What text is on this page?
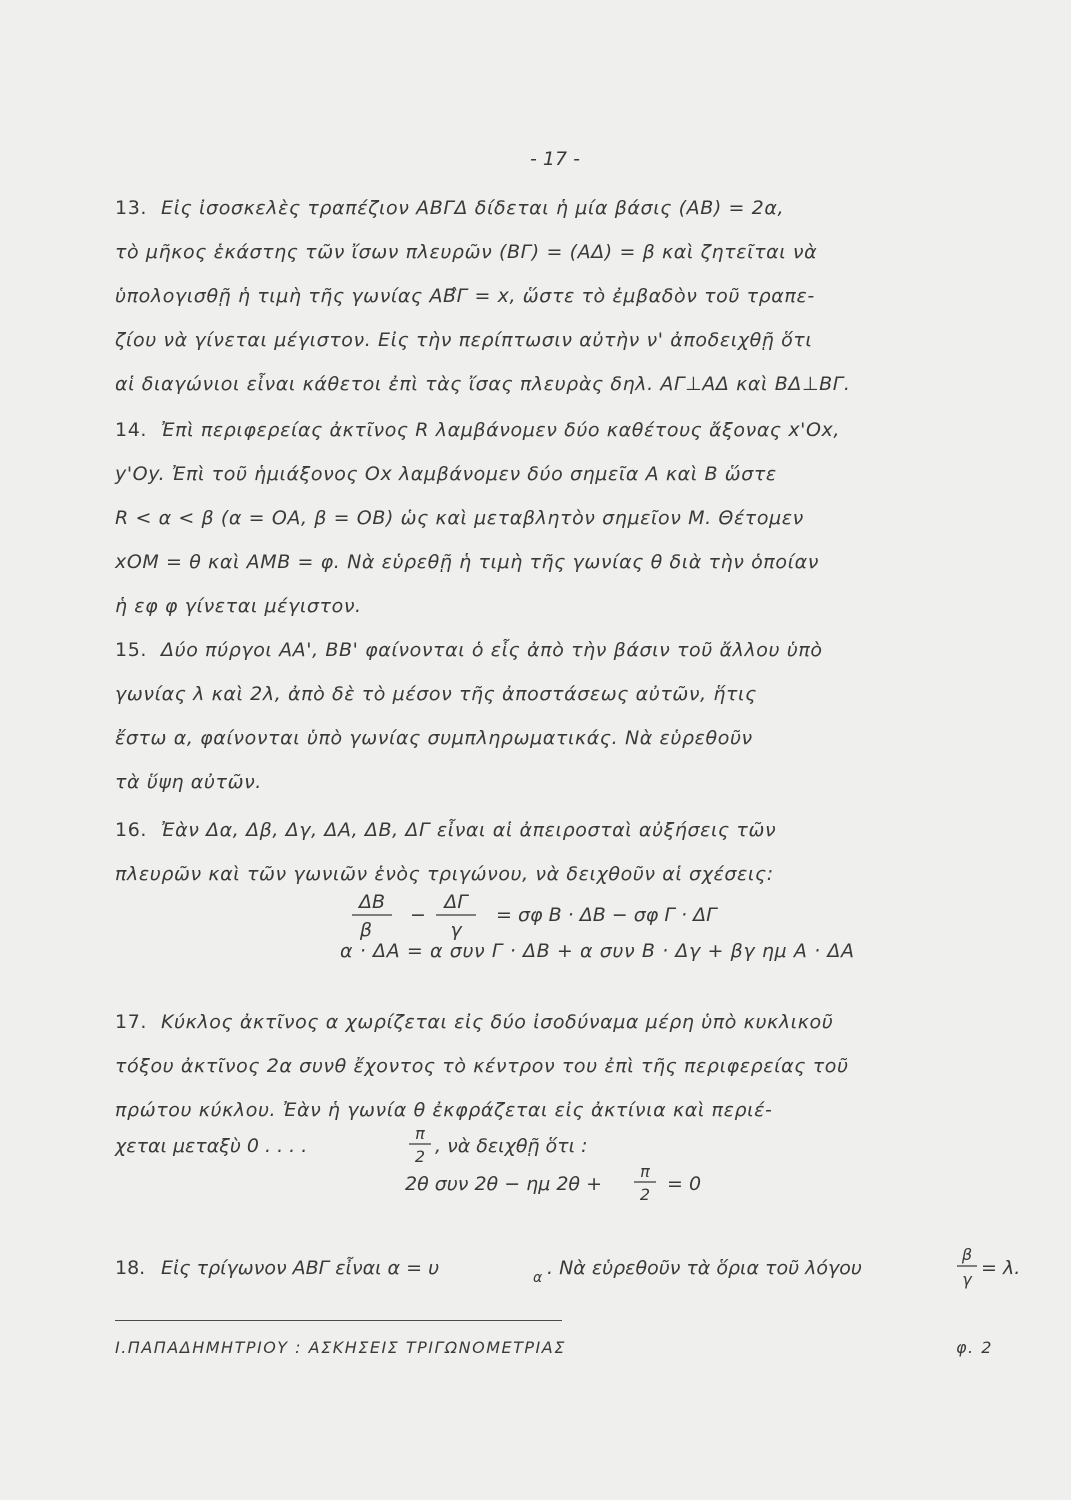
- 17 -
13. Εἰς ἰσοσκελὲς τραπέζιον ΑΒΓΔ δίδεται ἡ μία βάσις (ΑΒ) = 2α,
τὸ μῆκος ἑκάστης τῶν ἴσων πλευρῶν (ΒΓ) = (ΑΔ) = β καὶ ζητεῖται νὰ
ὑπολογισθῇ ἡ τιμὴ τῆς γωνίας ΑΒ̂Γ = x, ὥστε τὸ ἐμβαδὸν τοῦ τραπε-
ζίου νὰ γίνεται μέγιστον. Εἰς τὴν περίπτωσιν αὐτὴν ν' ἀποδειχθῇ ὅτι
αἱ διαγώνιοι εἶναι κάθετοι ἐπὶ τὰς ἴσας πλευρὰς δηλ. ΑΓ⊥ΑΔ καὶ ΒΔ⊥ΒΓ.
14. Ἐπὶ περιφερείας ἀκτῖνος R λαμβάνομεν δύο καθέτους ἄξονας x'Ox,
y'Oy. Ἐπὶ τοῦ ἡμιάξονος Ox λαμβάνομεν δύο σημεῖα Α καὶ Β ὥστε
R < α < β (α = ΟΑ, β = ΟΒ) ὡς καὶ μεταβλητὸν σημεῖον Μ. Θέτομεν
xOM = θ καὶ ΑΜΒ = φ. Νὰ εὑρεθῇ ἡ τιμὴ τῆς γωνίας θ διὰ τὴν ὁποίαν
ἡ εφ φ γίνεται μέγιστον.
15. Δύο πύργοι ΑΑ', ΒΒ' φαίνονται ὁ εἷς ἀπὸ τὴν βάσιν τοῦ ἄλλου ὑπὸ
γωνίας λ καὶ 2λ, ἀπὸ δὲ τὸ μέσον τῆς ἀποστάσεως αὐτῶν, ἥτις
ἔστω α, φαίνονται ὑπὸ γωνίας συμπληρωματικάς. Νὰ εὑρεθοῦν
τὰ ὕψη αὐτῶν.
16. Ἐὰν Δα, Δβ, Δγ, ΔΑ, ΔΒ, ΔΓ εἶναι αἱ ἀπειροσταὶ αὐξήσεις τῶν
πλευρῶν καὶ τῶν γωνιῶν ἑνὸς τριγώνου, νὰ δειχθοῦν αἱ σχέσεις:
ΔΒ
β
−
ΔΓ
γ
= σφ Β · ΔΒ − σφ Γ · ΔΓ
α · ΔΑ = α συν Γ · ΔΒ + α συν Β · Δγ + βγ ημ Α · ΔΑ
17. Κύκλος ἀκτῖνος α χωρίζεται εἰς δύο ἰσοδύναμα μέρη ὑπὸ κυκλικοῦ
τόξου ἀκτῖνος 2α συνθ ἔχοντος τὸ κέντρον του ἐπὶ τῆς περιφερείας τοῦ
πρώτου κύκλου. Ἐὰν ἡ γωνία θ ἐκφράζεται εἰς ἀκτίνια καὶ περιέ-
χεται μεταξὺ 0 . . . .
π
2 , νὰ δειχθῇ ὅτι :
2θ συν 2θ − ημ 2θ +
π
2 = 0
18. Εἰς τρίγωνον ΑΒΓ εἶναι α = υ	α . Νὰ εὑρεθοῦν τὰ ὅρια τοῦ λόγου
β
γ
= λ.
Ι.ΠΑΠΑΔΗΜΗΤΡΙΟΥ : ΑΣΚΗΣΕΙΣ ΤΡΙΓΩΝΟΜΕΤΡΙΑΣ	φ. 2
